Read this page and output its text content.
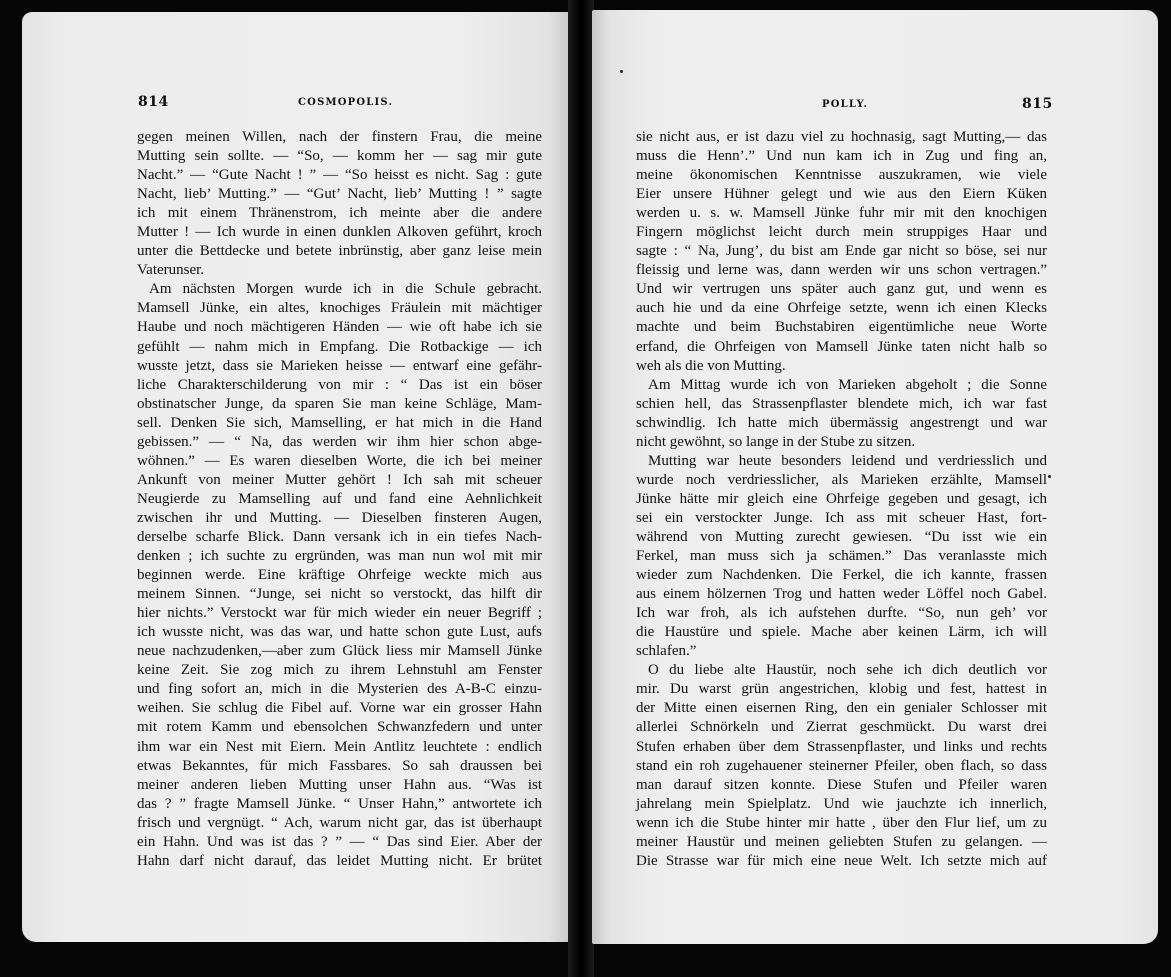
814	COSMOPOLIS.
gegen meinen Willen, nach der finstern Frau, die meine
Mutting sein sollte. — “So, — komm her — sag mir gute
Nacht.” — “Gute Nacht ! ” — “So heisst es nicht. Sag : gute
Nacht, lieb’ Mutting.” — “Gut’ Nacht, lieb’ Mutting ! ” sagte
ich mit einem Thränenstrom, ich meinte aber die andere
Mutter ! — Ich wurde in einen dunklen Alkoven geführt, kroch
unter die Bettdecke und betete inbrünstig, aber ganz leise mein
Vaterunser.
Am nächsten Morgen wurde ich in die Schule gebracht.
Mamsell Jünke, ein altes, knochiges Fräulein mit mächtiger
Haube und noch mächtigeren Händen — wie oft habe ich sie
gefühlt — nahm mich in Empfang. Die Rotbackige — ich
wusste jetzt, dass sie Marieken heisse — entwarf eine gefähr-
liche Charakterschilderung von mir : “ Das ist ein böser
obstinatscher Junge, da sparen Sie man keine Schläge, Mam-
sell. Denken Sie sich, Mamselling, er hat mich in die Hand
gebissen.” — “ Na, das werden wir ihm hier schon abge-
wöhnen.” — Es waren dieselben Worte, die ich bei meiner
Ankunft von meiner Mutter gehört ! Ich sah mit scheuer
Neugierde zu Mamselling auf und fand eine Aehnlichkeit
zwischen ihr und Mutting. — Dieselben finsteren Augen,
derselbe scharfe Blick. Dann versank ich in ein tiefes Nach-
denken ; ich suchte zu ergründen, was man nun wol mit mir
beginnen werde. Eine kräftige Ohrfeige weckte mich aus
meinem Sinnen. “Junge, sei nicht so verstockt, das hilft dir
hier nichts.” Verstockt war für mich wieder ein neuer Begriff ;
ich wusste nicht, was das war, und hatte schon gute Lust, aufs
neue nachzudenken,—aber zum Glück liess mir Mamsell Jünke
keine Zeit. Sie zog mich zu ihrem Lehnstuhl am Fenster
und fing sofort an, mich in die Mysterien des A-B-C einzu-
weihen. Sie schlug die Fibel auf. Vorne war ein grosser Hahn
mit rotem Kamm und ebensolchen Schwanzfedern und unter
ihm war ein Nest mit Eiern. Mein Antlitz leuchtete : endlich
etwas Bekanntes, für mich Fassbares. So sah draussen bei
meiner anderen lieben Mutting unser Hahn aus. “Was ist
das ? ” fragte Mamsell Jünke. “ Unser Hahn,” antwortete ich
frisch und vergnügt. “ Ach, warum nicht gar, das ist überhaupt
ein Hahn. Und was ist das ? ” — “ Das sind Eier. Aber der
Hahn darf nicht darauf, das leidet Mutting nicht. Er brütet
POLLY.	815
sie nicht aus, er ist dazu viel zu hochnasig, sagt Mutting,— das
muss die Henn’.” Und nun kam ich in Zug und fing an,
meine ökonomischen Kenntnisse auszukramen, wie viele
Eier unsere Hühner gelegt und wie aus den Eiern Küken
werden u. s. w. Mamsell Jünke fuhr mir mit den knochigen
Fingern möglichst leicht durch mein struppiges Haar und
sagte : “ Na, Jung’, du bist am Ende gar nicht so böse, sei nur
fleissig und lerne was, dann werden wir uns schon vertragen.”
Und wir vertrugen uns später auch ganz gut, und wenn es
auch hie und da eine Ohrfeige setzte, wenn ich einen Klecks
machte und beim Buchstabiren eigentümliche neue Worte
erfand, die Ohrfeigen von Mamsell Jünke taten nicht halb so
weh als die von Mutting.
Am Mittag wurde ich von Marieken abgeholt ; die Sonne
schien hell, das Strassenpflaster blendete mich, ich war fast
schwindlig. Ich hatte mich übermässig angestrengt und war
nicht gewöhnt, so lange in der Stube zu sitzen.
Mutting war heute besonders leidend und verdriesslich und
wurde noch verdriesslicher, als Marieken erzählte, Mamsell
Jünke hätte mir gleich eine Ohrfeige gegeben und gesagt, ich
sei ein verstockter Junge. Ich ass mit scheuer Hast, fort-
während von Mutting zurecht gewiesen. “Du isst wie ein
Ferkel, man muss sich ja schämen.” Das veranlasste mich
wieder zum Nachdenken. Die Ferkel, die ich kannte, frassen
aus einem hölzernen Trog und hatten weder Löffel noch Gabel.
Ich war froh, als ich aufstehen durfte. “So, nun geh’ vor
die Haustüre und spiele. Mache aber keinen Lärm, ich will
schlafen.”
O du liebe alte Haustür, noch sehe ich dich deutlich vor
mir. Du warst grün angestrichen, klobig und fest, hattest in
der Mitte einen eisernen Ring, den ein genialer Schlosser mit
allerlei Schnörkeln und Zierrat geschmückt. Du warst drei
Stufen erhaben über dem Strassenpflaster, und links und rechts
stand ein roh zugehauener steinerner Pfeiler, oben flach, so dass
man darauf sitzen konnte. Diese Stufen und Pfeiler waren
jahrelang mein Spielplatz. Und wie jauchzte ich innerlich,
wenn ich die Stube hinter mir hatte , über den Flur lief, um zu
meiner Haustür und meinen geliebten Stufen zu gelangen. —
Die Strasse war für mich eine neue Welt. Ich setzte mich auf
